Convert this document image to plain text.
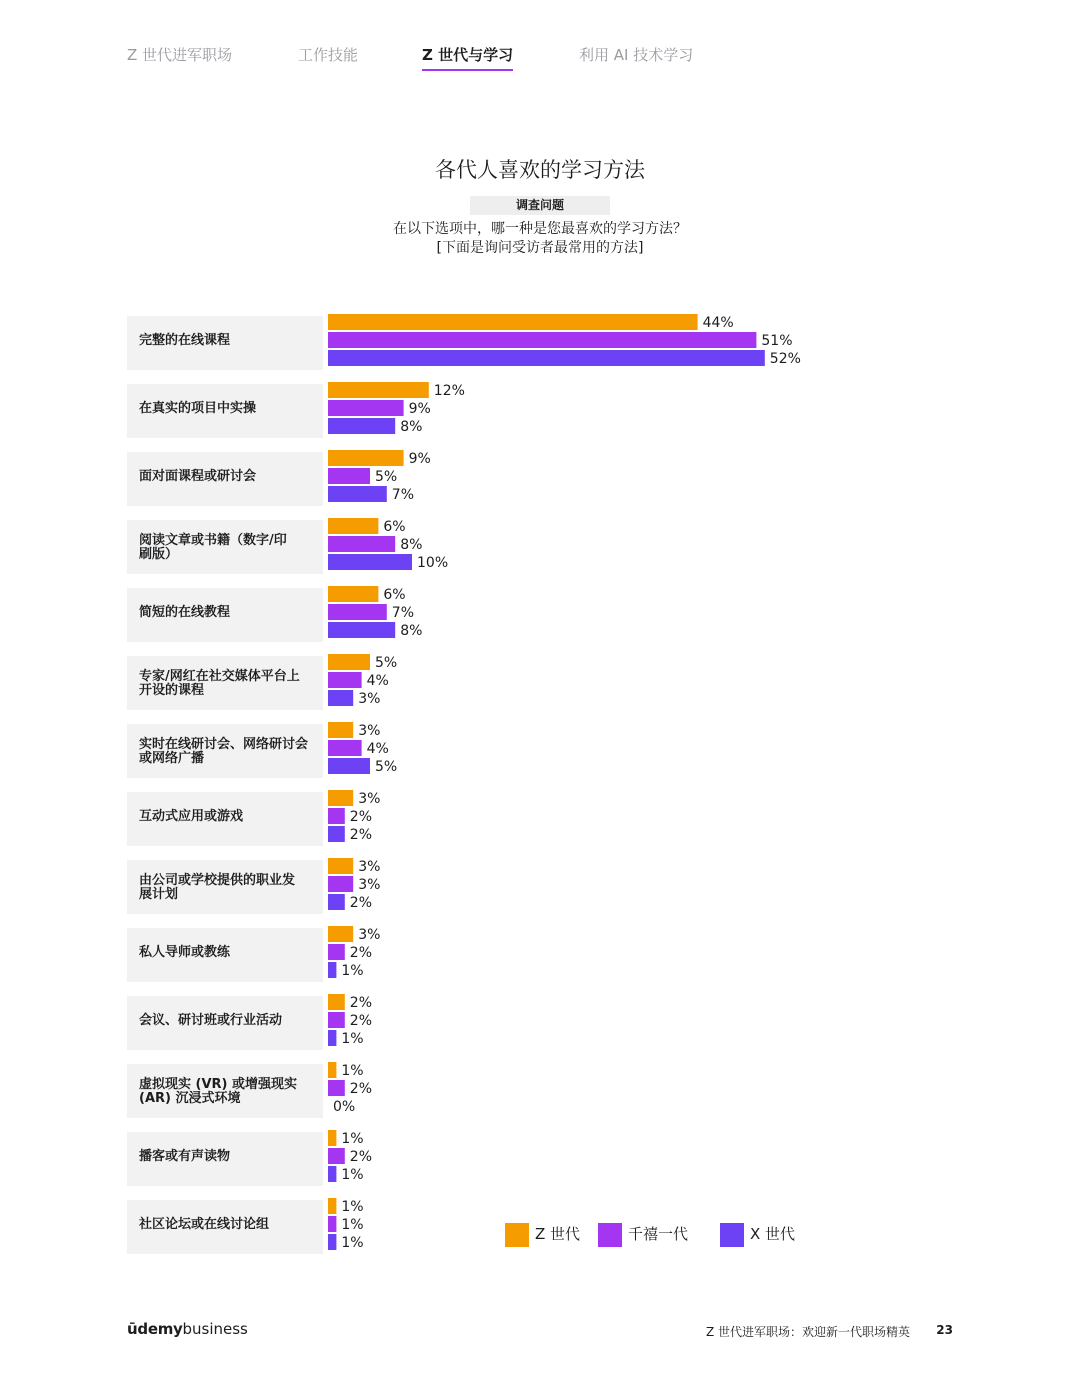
Z 世代进军职场	工作技能	Z 世代与学习	利用 AI 技术学习
各代人喜欢的学习方法
调查问题
在以下选项中，哪一种是您最喜欢的学习方法？
[下面是询问受访者最常用的方法]
完整的在线课程
44%
51%
52%
在真实的项目中实操
12%
9%
8%
面对面课程或研讨会
9%
5%
7%
阅读文章或书籍（数字/印刷版）
6%
8%
10%
简短的在线教程
6%
7%
8%
专家/网红在社交媒体平台上开设的课程
5%
4%
3%
实时在线研讨会、网络研讨会或网络广播
3%
4%
5%
互动式应用或游戏
3%
2%
2%
由公司或学校提供的职业发展计划
3%
3%
2%
私人导师或教练
3%
2%
1%
会议、研讨班或行业活动
2%
2%
1%
虚拟现实 (VR) 或增强现实(AR) 沉浸式环境
1%
2%
0%
播客或有声读物
1%
2%
1%
社区论坛或在线讨论组
1%
1%
1%	Z 世代	千禧一代	X 世代
ūdemybusiness	Z 世代进军职场：欢迎新一代职场精英 23
